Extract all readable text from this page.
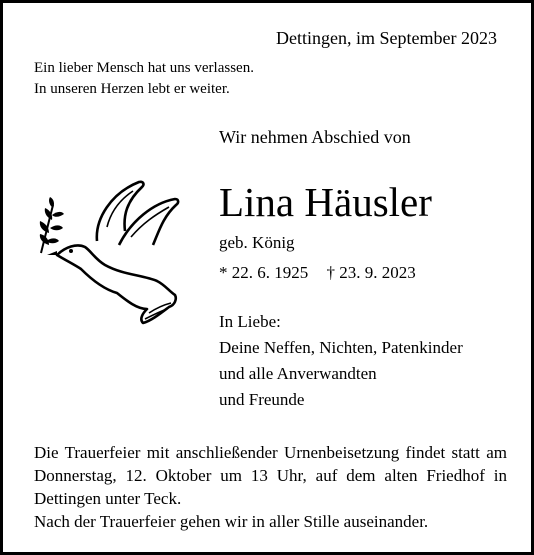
Dettingen, im September 2023
Ein lieber Mensch hat uns verlassen.
In unseren Herzen lebt er weiter.
Wir nehmen Abschied von
Lina Häusler
geb. König
* 22. 6. 1925 † 23. 9. 2023
In Liebe:
Deine Neffen, Nichten, Patenkinder
und alle Anverwandten
und Freunde

Die Trauerfeier mit anschließender Urnenbeisetzung findet statt am Donnerstag, 12. Oktober um 13 Uhr, auf dem alten Friedhof in Dettingen unter Teck.

Nach der Trauerfeier gehen wir in aller Stille auseinander.
